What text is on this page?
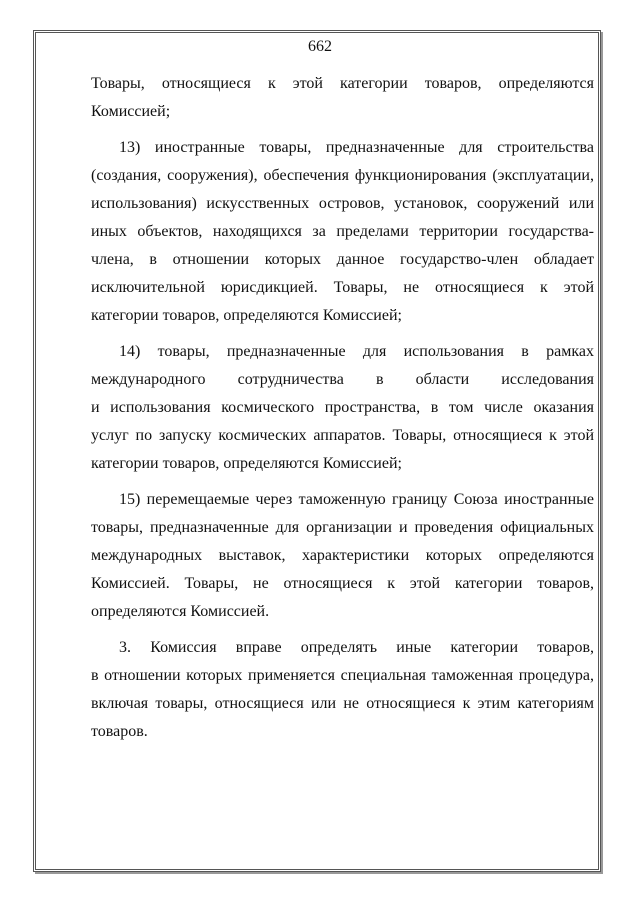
662
Товары, относящиеся к этой категории товаров, определяются
Комиссией;
13) иностранные товары, предназначенные для строительства
(создания, сооружения), обеспечения функционирования (эксплуатации,
использования) искусственных островов, установок, сооружений или
иных объектов, находящихся за пределами территории государства-
члена, в отношении которых данное государство-член обладает
исключительной юрисдикцией. Товары, не относящиеся к этой
категории товаров, определяются Комиссией;
14) товары, предназначенные для использования в рамках
международного сотрудничества в области исследования
и использования космического пространства, в том числе оказания
услуг по запуску космических аппаратов. Товары, относящиеся к этой
категории товаров, определяются Комиссией;
15) перемещаемые через таможенную границу Союза иностранные
товары, предназначенные для организации и проведения официальных
международных выставок, характеристики которых определяются
Комиссией. Товары, не относящиеся к этой категории товаров,
определяются Комиссией.
3. Комиссия вправе определять иные категории товаров,
в отношении которых применяется специальная таможенная процедура,
включая товары, относящиеся или не относящиеся к этим категориям
товаров.
